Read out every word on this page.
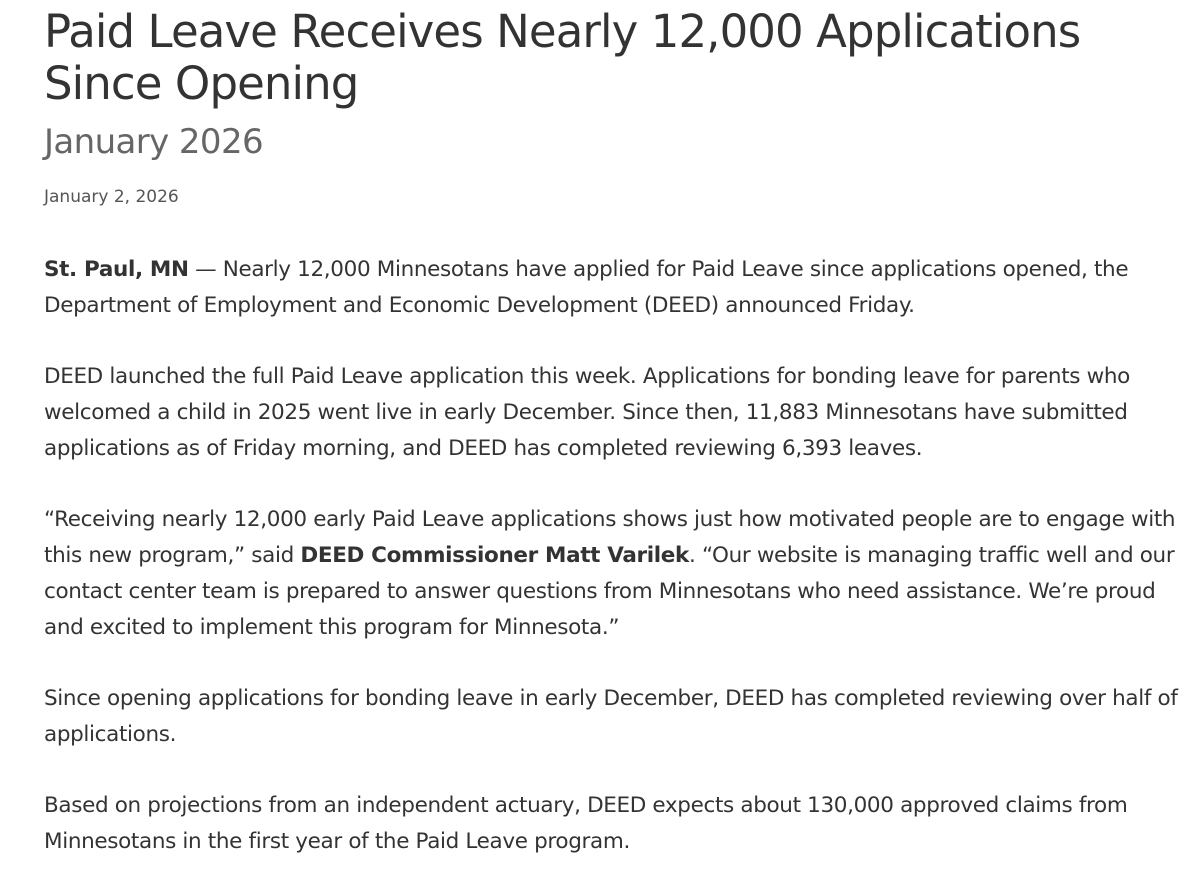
Paid Leave Receives Nearly 12,000 Applications Since Opening
January 2026
January 2, 2026

St. Paul, MN — Nearly 12,000 Minnesotans have applied for Paid Leave since applications opened, the Department of Employment and Economic Development (DEED) announced Friday.

DEED launched the full Paid Leave application this week. Applications for bonding leave for parents who welcomed a child in 2025 went live in early December. Since then, 11,883 Minnesotans have submitted applications as of Friday morning, and DEED has completed reviewing 6,393 leaves.

“Receiving nearly 12,000 early Paid Leave applications shows just how motivated people are to engage with this new program,” said DEED Commissioner Matt Varilek. “Our website is managing traffic well and our contact center team is prepared to answer questions from Minnesotans who need assistance. We’re proud and excited to implement this program for Minnesota.”

Since opening applications for bonding leave in early December, DEED has completed reviewing over half of applications.

Based on projections from an independent actuary, DEED expects about 130,000 approved claims from Minnesotans in the first year of the Paid Leave program.
